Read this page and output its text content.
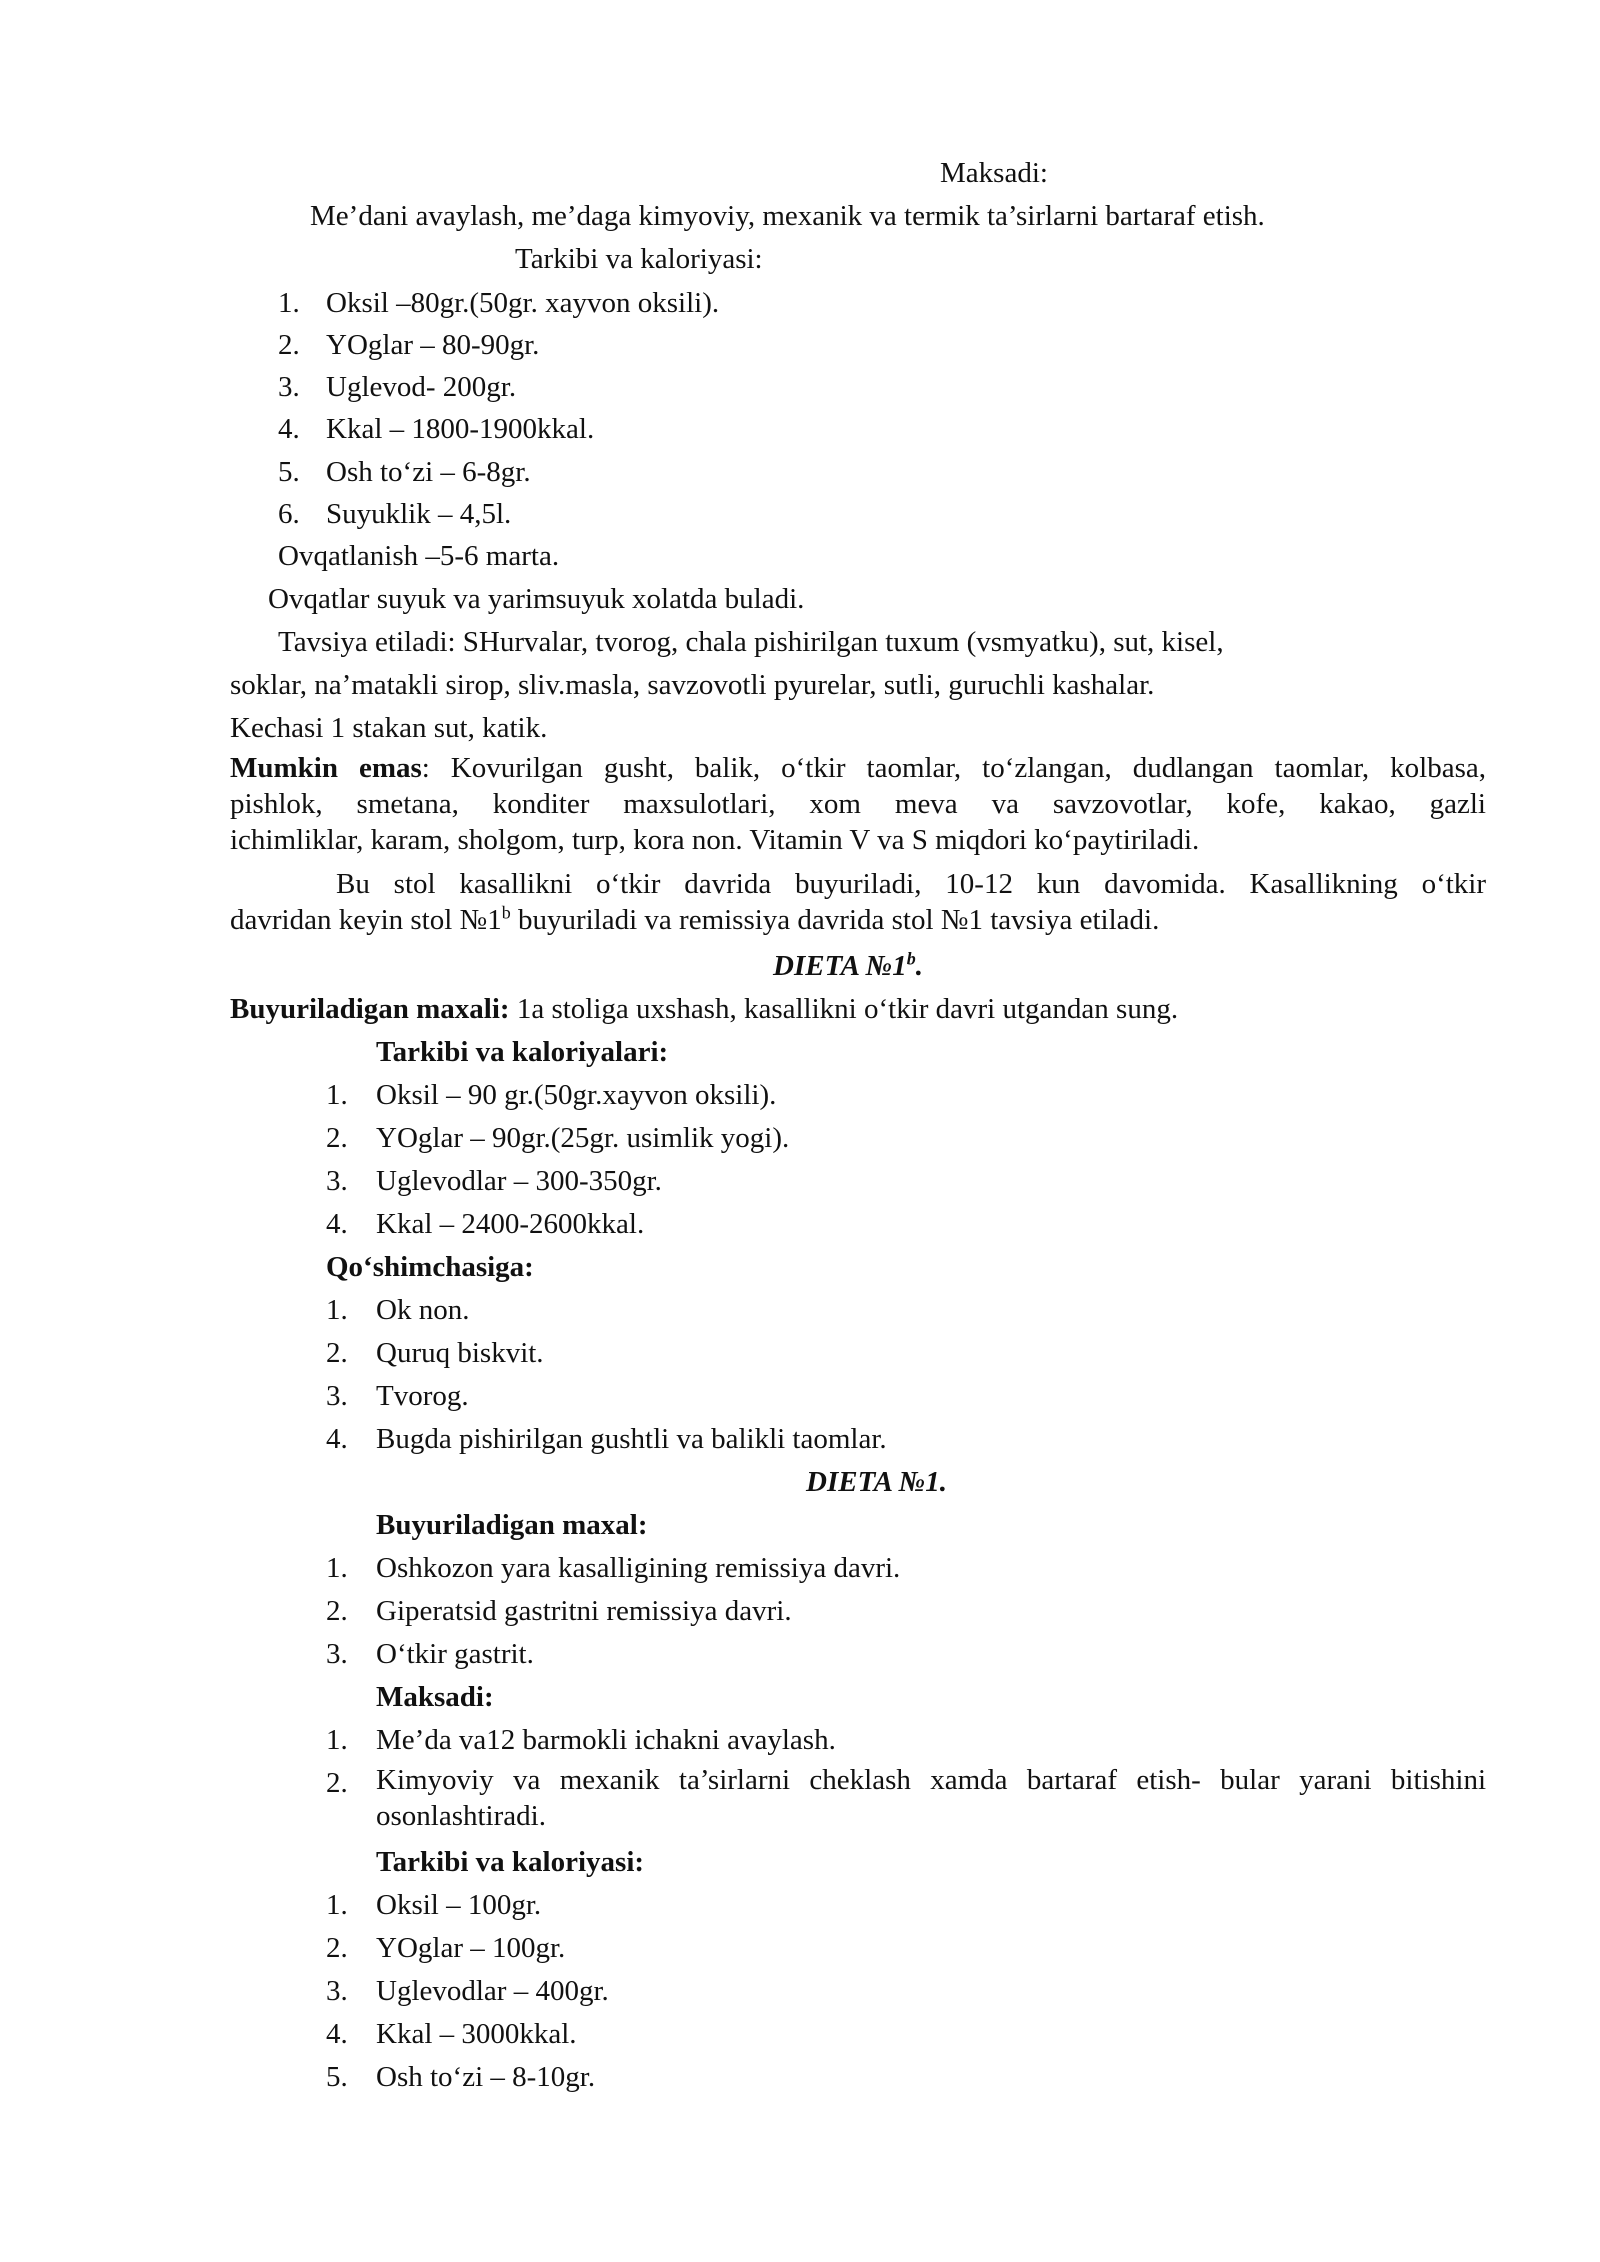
Maksadi:
Me’dani avaylash, me’daga kimyoviy, mexanik va termik ta’sirlarni bartaraf etish.
Tarkibi va kaloriyasi:
1. Oksil –80gr.(50gr. xayvon oksili).
2. YOglar – 80-90gr.
3. Uglevod- 200gr.
4. Kkal – 1800-1900kkal.
5. Osh to‘zi – 6-8gr.
6. Suyuklik – 4,5l.
Ovqatlanish –5-6 marta.
Ovqatlar suyuk va yarimsuyuk xolatda buladi.
Tavsiya etiladi: SHurvalar, tvorog, chala pishirilgan tuxum (vsmyatku), sut, kisel,
soklar, na’matakli sirop, sliv.masla, savzovotli pyurelar, sutli, guruchli kashalar.
Kechasi 1 stakan sut, katik.
Mumkin emas: Kovurilgan gusht, balik, o‘tkir taomlar, to‘zlangan, dudlangan taomlar, kolbasa,
pishlok, smetana, konditer maxsulotlari, xom meva va savzovotlar, kofe, kakao, gazli
ichimliklar, karam, sholgom, turp, kora non. Vitamin V va S miqdori ko‘paytiriladi.
Bu stol kasallikni o‘tkir davrida buyuriladi, 10-12 kun davomida. Kasallikning o‘tkir
davridan keyin stol №1$^b$ buyuriladi va remissiya davrida stol №1 tavsiya etiladi.
DIETA №1$^b$.
Buyuriladigan maxali: 1a stoliga uxshash, kasallikni o‘tkir davri utgandan sung.
Tarkibi va kaloriyalari:
1. Oksil – 90 gr.(50gr.xayvon oksili).
2. YOglar – 90gr.(25gr. usimlik yogi).
3. Uglevodlar – 300-350gr.
4. Kkal – 2400-2600kkal.
Qo‘shimchasiga:
1. Ok non.
2. Quruq biskvit.
3. Tvorog.
4. Bugda pishirilgan gushtli va balikli taomlar.
DIETA №1.
Buyuriladigan maxal:
1. Oshkozon yara kasalligining remissiya davri.
2. Giperatsid gastritni remissiya davri.
3. O‘tkir gastrit.
Maksadi:
1. Me’da va12 barmokli ichakni avaylash.
2. Kimyoviy va mexanik ta’sirlarni cheklash xamda bartaraf etish- bular yarani bitishini
osonlashtiradi.
Tarkibi va kaloriyasi:
1. Oksil – 100gr.
2. YOglar – 100gr.
3. Uglevodlar – 400gr.
4. Kkal – 3000kkal.
5. Osh to‘zi – 8-10gr.
